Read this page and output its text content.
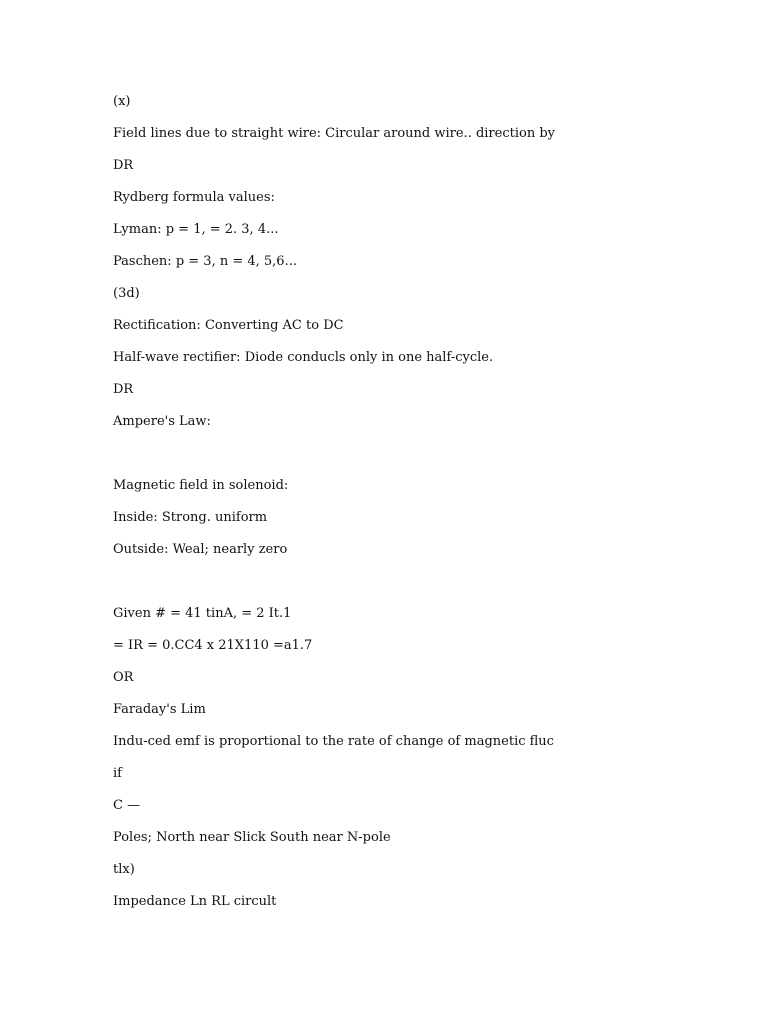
(x)
Field lines due to straight wire: Circular around wire.. direction by
DR
Rydberg formula values:
Lyman: p = 1, = 2. 3, 4...
Paschen: p = 3, n = 4, 5,6...
(3d)
Rectification: Converting AC to DC
Half-wave rectifier: Diode conducls only in one half-cycle.
DR
Ampere's Law:
Magnetic field in solenoid:
Inside: Strong. uniform
Outside: Weal; nearly zero
Given # = 41 tinA, = 2 It.1
= IR = 0.CC4 x 21X110 =a1.7
OR
Faraday's Lim
Indu-ced emf is proportional to the rate of change of magnetic fluc
if
C —
Poles; North near Slick South near N-pole
tlx)
Impedance Ln RL circult
